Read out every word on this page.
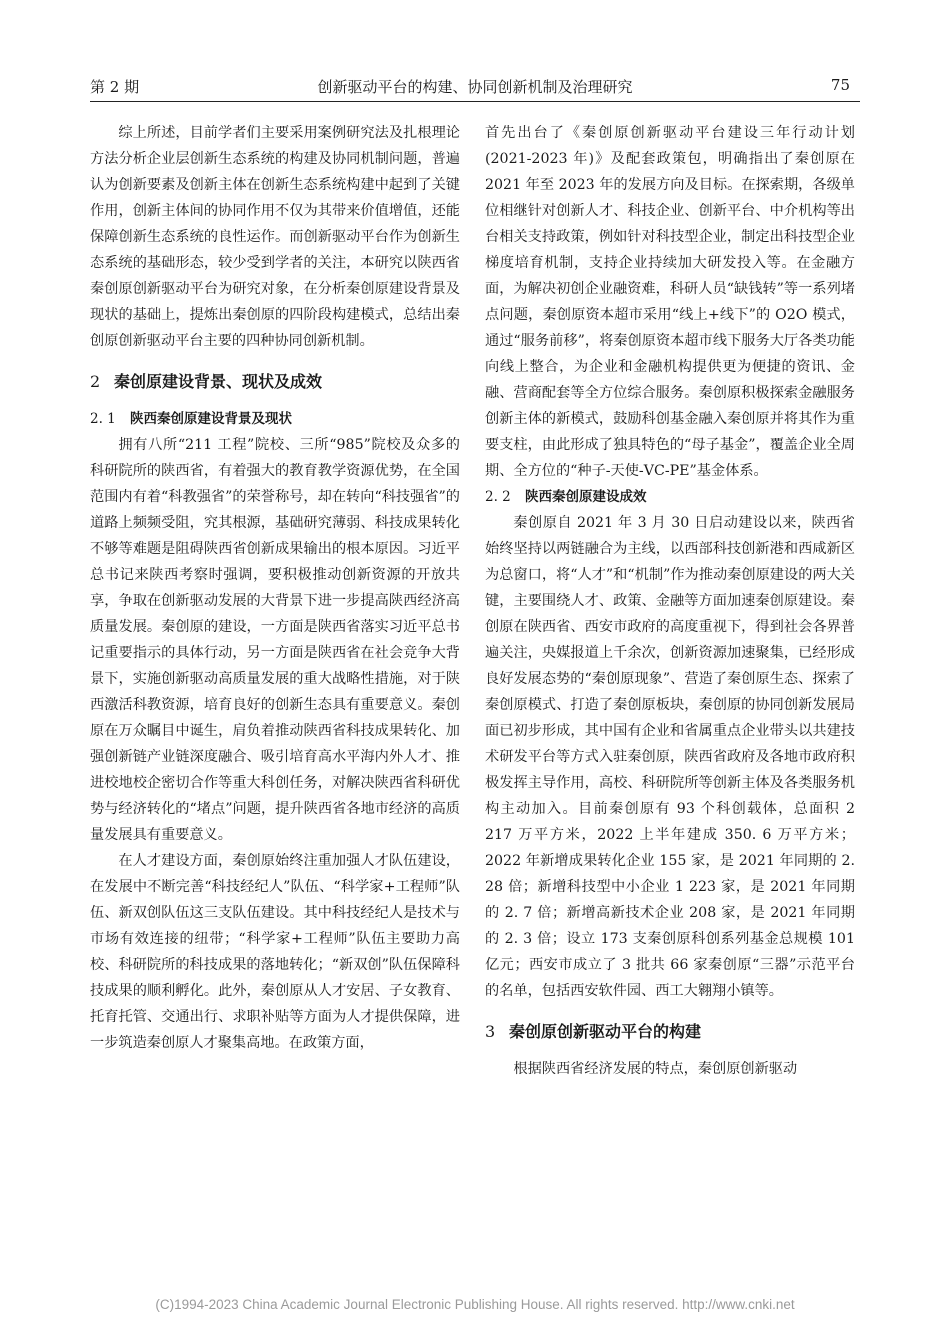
第 2 期	创新驱动平台的构建、协同创新机制及治理研究	75

综上所述，目前学者们主要采用案例研究法及扎根理论方法分析企业层创新生态系统的构建及协同机制问题，普遍认为创新要素及创新主体在创新生态系统构建中起到了关键作用，创新主体间的协同作用不仅为其带来价值增值，还能保障创新生态系统的良性运作。而创新驱动平台作为创新生态系统的基础形态，较少受到学者的关注，本研究以陕西省秦创原创新驱动平台为研究对象，在分析秦创原建设背景及现状的基础上，提炼出秦创原的四阶段构建模式，总结出秦创原创新驱动平台主要的四种协同创新机制。

2 秦创原建设背景、现状及成效
2. 1 陕西秦创原建设背景及现状

拥有八所“211 工程”院校、三所“985”院校及众多的科研院所的陕西省，有着强大的教育教学资源优势，在全国范围内有着“科教强省”的荣誉称号，却在转向“科技强省”的道路上频频受阻，究其根源，基础研究薄弱、科技成果转化不够等难题是阻碍陕西省创新成果输出的根本原因。习近平总书记来陕西考察时强调，要积极推动创新资源的开放共享，争取在创新驱动发展的大背景下进一步提高陕西经济高质量发展。秦创原的建设，一方面是陕西省落实习近平总书记重要指示的具体行动，另一方面是陕西省在社会竞争大背景下，实施创新驱动高质量发展的重大战略性措施，对于陕西激活科教资源，培育良好的创新生态具有重要意义。秦创原在万众瞩目中诞生，肩负着推动陕西省科技成果转化、加强创新链产业链深度融合、吸引培育高水平海内外人才、推进校地校企密切合作等重大科创任务，对解决陕西省科研优势与经济转化的“堵点”问题，提升陕西省各地市经济的高质量发展具有重要意义。

在人才建设方面，秦创原始终注重加强人才队伍建设，在发展中不断完善“科技经纪人”队伍、“科学家+工程师”队伍、新双创队伍这三支队伍建设。其中科技经纪人是技术与市场有效连接的纽带；“科学家+工程师”队伍主要助力高校、科研院所的科技成果的落地转化；“新双创”队伍保障科技成果的顺利孵化。此外，秦创原从人才安居、子女教育、托育托管、交通出行、求职补贴等方面为人才提供保障，进一步筑造秦创原人才聚集高地。在政策方面，

首先出台了《秦创原创新驱动平台建设三年行动计划(2021-2023 年)》及配套政策包，明确指出了秦创原在 2021 年至 2023 年的发展方向及目标。在探索期，各级单位相继针对创新人才、科技企业、创新平台、中介机构等出台相关支持政策，例如针对科技型企业，制定出科技型企业梯度培育机制，支持企业持续加大研发投入等。在金融方面，为解决初创企业融资难，科研人员“缺钱转”等一系列堵点问题，秦创原资本超市采用“线上+线下”的 O2O 模式，通过“服务前移”，将秦创原资本超市线下服务大厅各类功能向线上整合，为企业和金融机构提供更为便捷的资讯、金融、营商配套等全方位综合服务。秦创原积极探索金融服务创新主体的新模式，鼓励科创基金融入秦创原并将其作为重要支柱，由此形成了独具特色的“母子基金”，覆盖企业全周期、全方位的“种子-天使-VC-PE”基金体系。

2. 2 陕西秦创原建设成效

秦创原自 2021 年 3 月 30 日启动建设以来，陕西省始终坚持以两链融合为主线，以西部科技创新港和西咸新区为总窗口，将“人才”和“机制”作为推动秦创原建设的两大关键，主要围绕人才、政策、金融等方面加速秦创原建设。秦创原在陕西省、西安市政府的高度重视下，得到社会各界普遍关注，央媒报道上千余次，创新资源加速聚集，已经形成良好发展态势的“秦创原现象”、营造了秦创原生态、探索了秦创原模式、打造了秦创原板块，秦创原的协同创新发展局面已初步形成，其中国有企业和省属重点企业带头以共建技术研发平台等方式入驻秦创原，陕西省政府及各地市政府积极发挥主导作用，高校、科研院所等创新主体及各类服务机构主动加入。目前秦创原有 93 个科创载体，总面积 2 217 万平方米，2022 上半年建成 350. 6 万平方米；2022 年新增成果转化企业 155 家，是 2021 年同期的 2. 28 倍；新增科技型中小企业 1 223 家，是 2021 年同期的 2. 7 倍；新增高新技术企业 208 家，是 2021 年同期的 2. 3 倍；设立 173 支秦创原科创系列基金总规模 101 亿元；西安市成立了 3 批共 66 家秦创原“三器”示范平台的名单，包括西安软件园、西工大翱翔小镇等。

3 秦创原创新驱动平台的构建

根据陕西省经济发展的特点，秦创原创新驱动

(C)1994-2023 China Academic Journal Electronic Publishing House. All rights reserved. http://www.cnki.net
